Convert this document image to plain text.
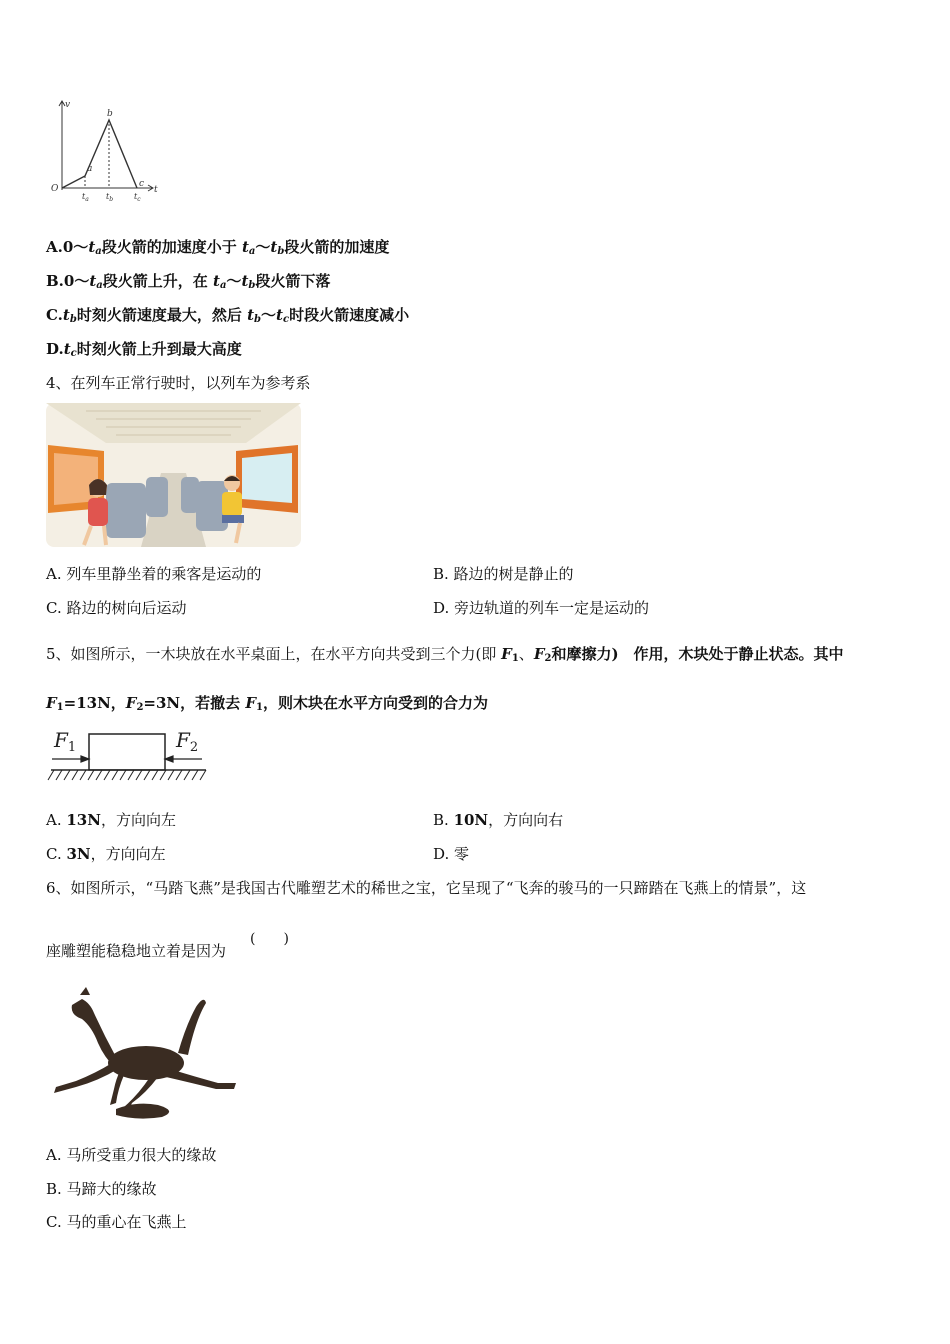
v
t
O
a
b
c
$t_a$ $t_b$	$t_c$
$A.0\sim t_a$段火箭的加速度小于 $t_a\sim t_b$段火箭的加速度
$B.0\sim t_a$段火箭上升，在 $t_a\sim t_b$段火箭下落
$C.t_b$时刻火箭速度最大，然后 $t_b\sim t_c$时段火箭速度减小
$D.t_c$时刻火箭上升到最大高度
4、在列车正常行驶时，以列车为参考系
A. 列车里静坐着的乘客是运动的	B. 路边的树是静止的
C. 路边的树向后运动	D. 旁边轨道的列车一定是运动的
5、如图所示，一木块放在水平桌面上，在水平方向共受到三个力(即 $F_1$、$F_2$和摩擦力)　作用，木块处于静止状态。其中
$F_1=13N$，$F_2=3N$，若撤去 $F_1$，则木块在水平方向受到的合力为
$F_1$	$F_2$
A. 13N，方向向左	B. 10N，方向向右
C. 3N，方向向左	D. 零
6、如图所示，“马踏飞燕”是我国古代雕塑艺术的稀世之宝，它呈现了“飞奔的骏马的一只蹄踏在飞燕上的情景”，这
座雕塑能稳稳地立着是因为
(　　)
A. 马所受重力很大的缘故
B. 马蹄大的缘故
C. 马的重心在飞燕上
